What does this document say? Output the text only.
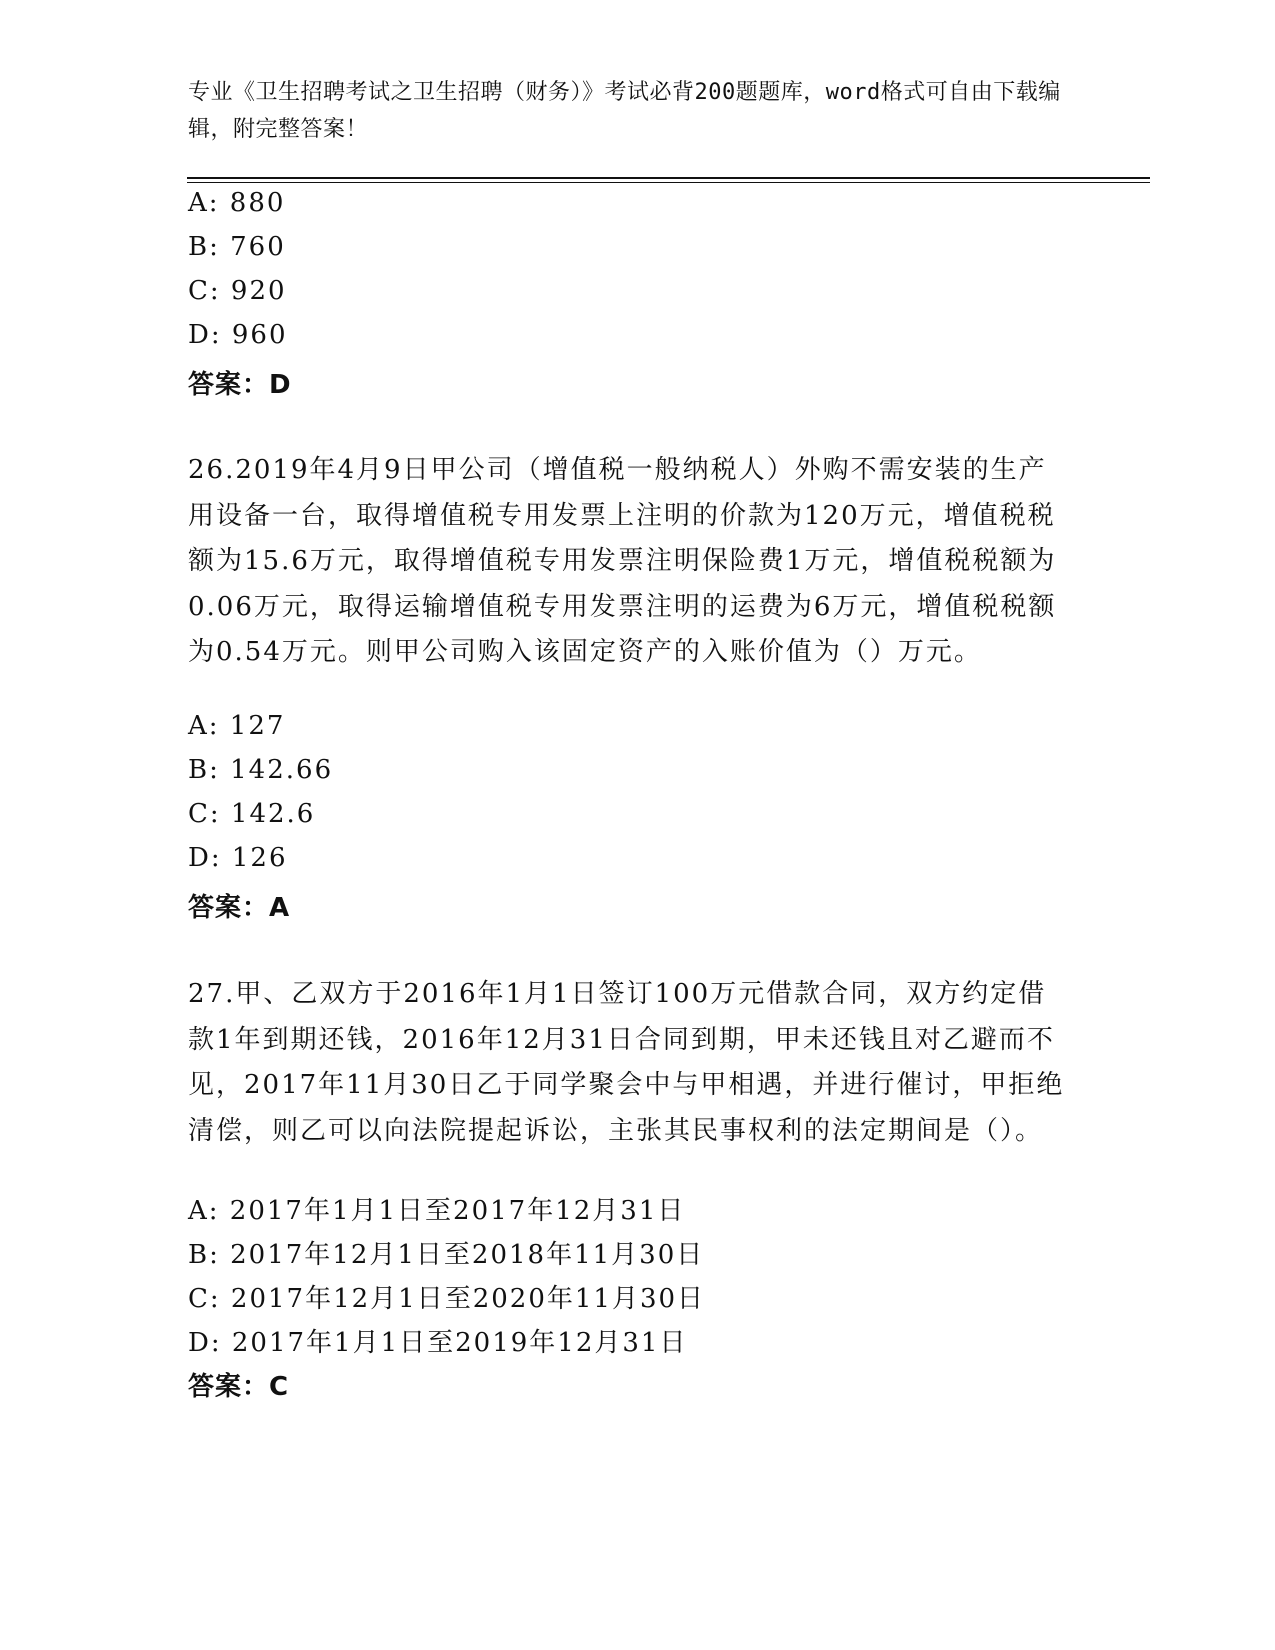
专业《卫生招聘考试之卫生招聘（财务）》考试必背200题题库，word格式可自由下载编辑，附完整答案！
A: 880
B: 760
C: 920
D: 960
答案：D
26.2019年4月9日甲公司（增值税一般纳税人）外购不需安装的生产用设备一台，取得增值税专用发票上注明的价款为120万元，增值税税额为15.6万元，取得增值税专用发票注明保险费1万元，增值税税额为0.06万元，取得运输增值税专用发票注明的运费为6万元，增值税税额为0.54万元。则甲公司购入该固定资产的入账价值为（）万元。
A: 127
B: 142.66
C: 142.6
D: 126
答案：A
27.甲、乙双方于2016年1月1日签订100万元借款合同，双方约定借款1年到期还钱，2016年12月31日合同到期，甲未还钱且对乙避而不见，2017年11月30日乙于同学聚会中与甲相遇，并进行催讨，甲拒绝清偿，则乙可以向法院提起诉讼，主张其民事权利的法定期间是（）。
A: 2017年1月1日至2017年12月31日
B: 2017年12月1日至2018年11月30日
C: 2017年12月1日至2020年11月30日
D: 2017年1月1日至2019年12月31日
答案：C
